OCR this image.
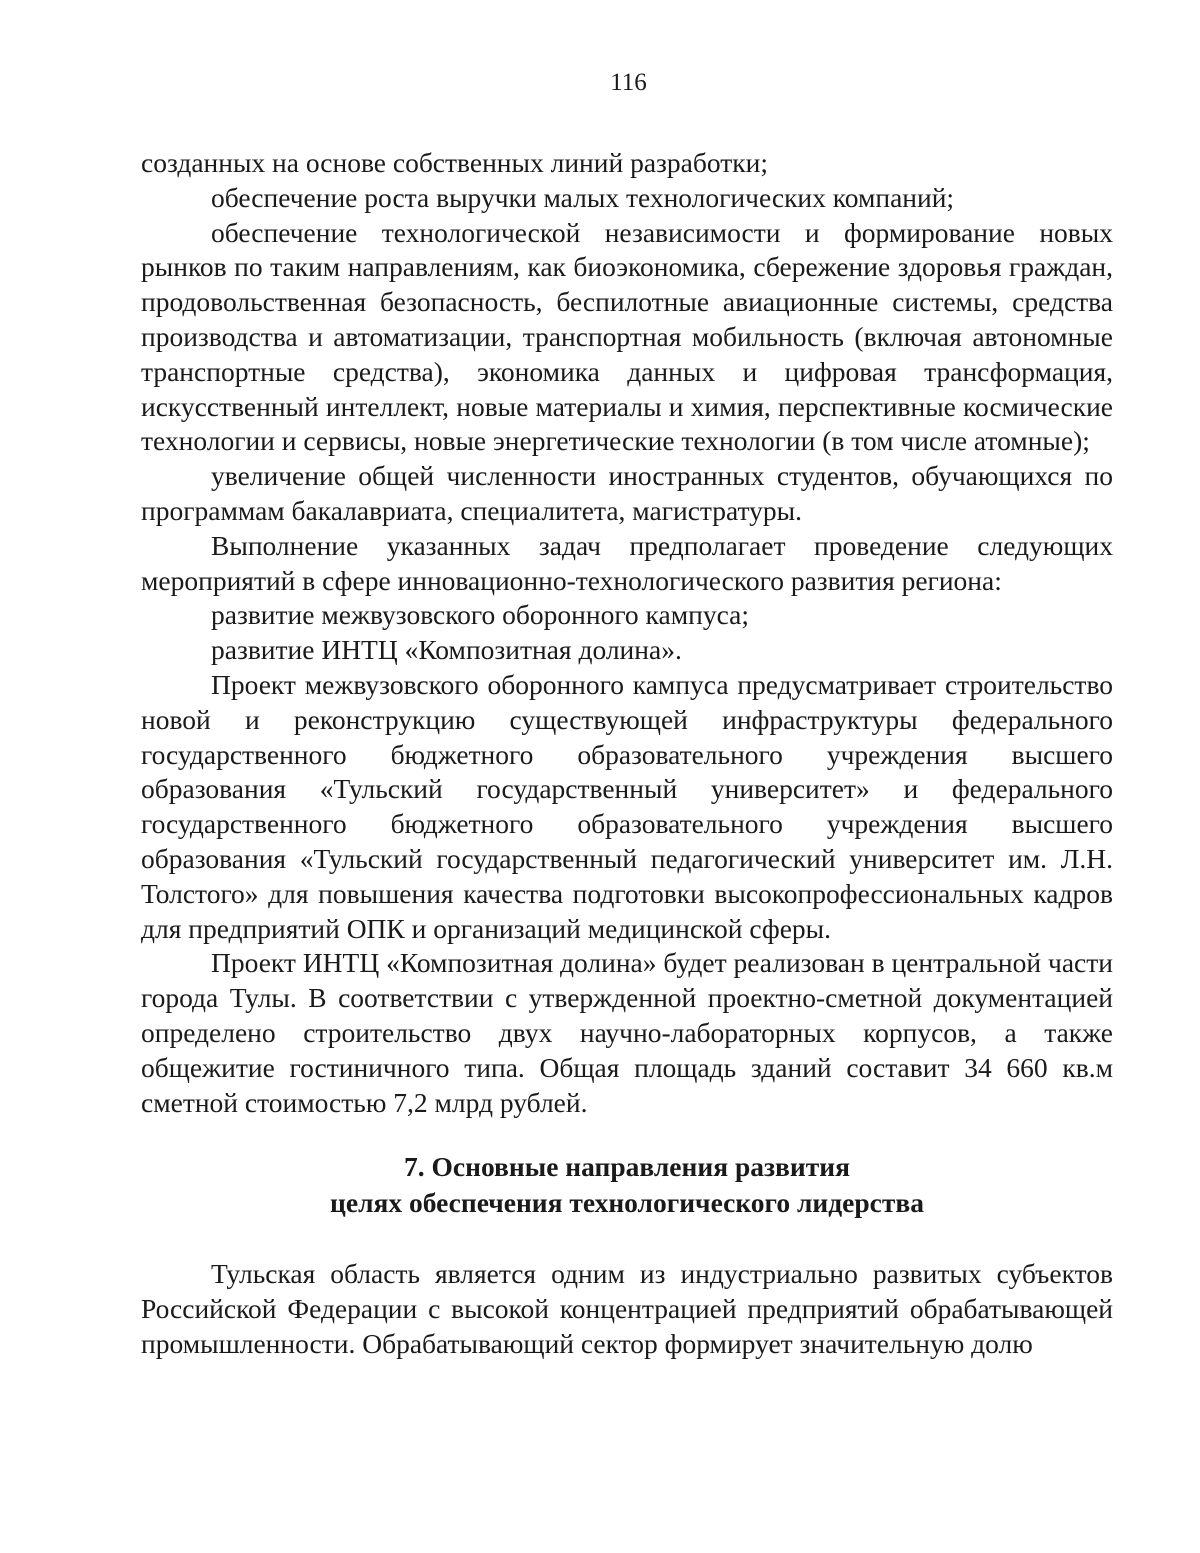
116

созданных на основе собственных линий разработки;

обеспечение роста выручки малых технологических компаний;

обеспечение технологической независимости и формирование новых рынков по таким направлениям, как биоэкономика, сбережение здоровья граждан, продовольственная безопасность, беспилотные авиационные системы, средства производства и автоматизации, транспортная мобильность (включая автономные транспортные средства), экономика данных и цифровая трансформация, искусственный интеллект, новые материалы и химия, перспективные космические технологии и сервисы, новые энергетические технологии (в том числе атомные);

увеличение общей численности иностранных студентов, обучающихся по программам бакалавриата, специалитета, магистратуры.

Выполнение указанных задач предполагает проведение следующих мероприятий в сфере инновационно-технологического развития региона:

развитие межвузовского оборонного кампуса;

развитие ИНТЦ «Композитная долина».

Проект межвузовского оборонного кампуса предусматривает строительство новой и реконструкцию существующей инфраструктуры федерального государственного бюджетного образовательного учреждения высшего образования «Тульский государственный университет» и федерального государственного бюджетного образовательного учреждения высшего образования «Тульский государственный педагогический университет им. Л.Н. Толстого» для повышения качества подготовки высокопрофессиональных кадров для предприятий ОПК и организаций медицинской сферы.

Проект ИНТЦ «Композитная долина» будет реализован в центральной части города Тулы. В соответствии с утвержденной проектно-сметной документацией определено строительство двух научно-лабораторных корпусов, а также общежитие гостиничного типа. Общая площадь зданий составит 34 660 кв.м сметной стоимостью 7,2 млрд рублей.

7. Основные направления развития
целях обеспечения технологического лидерства

Тульская область является одним из индустриально развитых субъектов Российской Федерации с высокой концентрацией предприятий обрабатывающей промышленности. Обрабатывающий сектор формирует значительную долю
